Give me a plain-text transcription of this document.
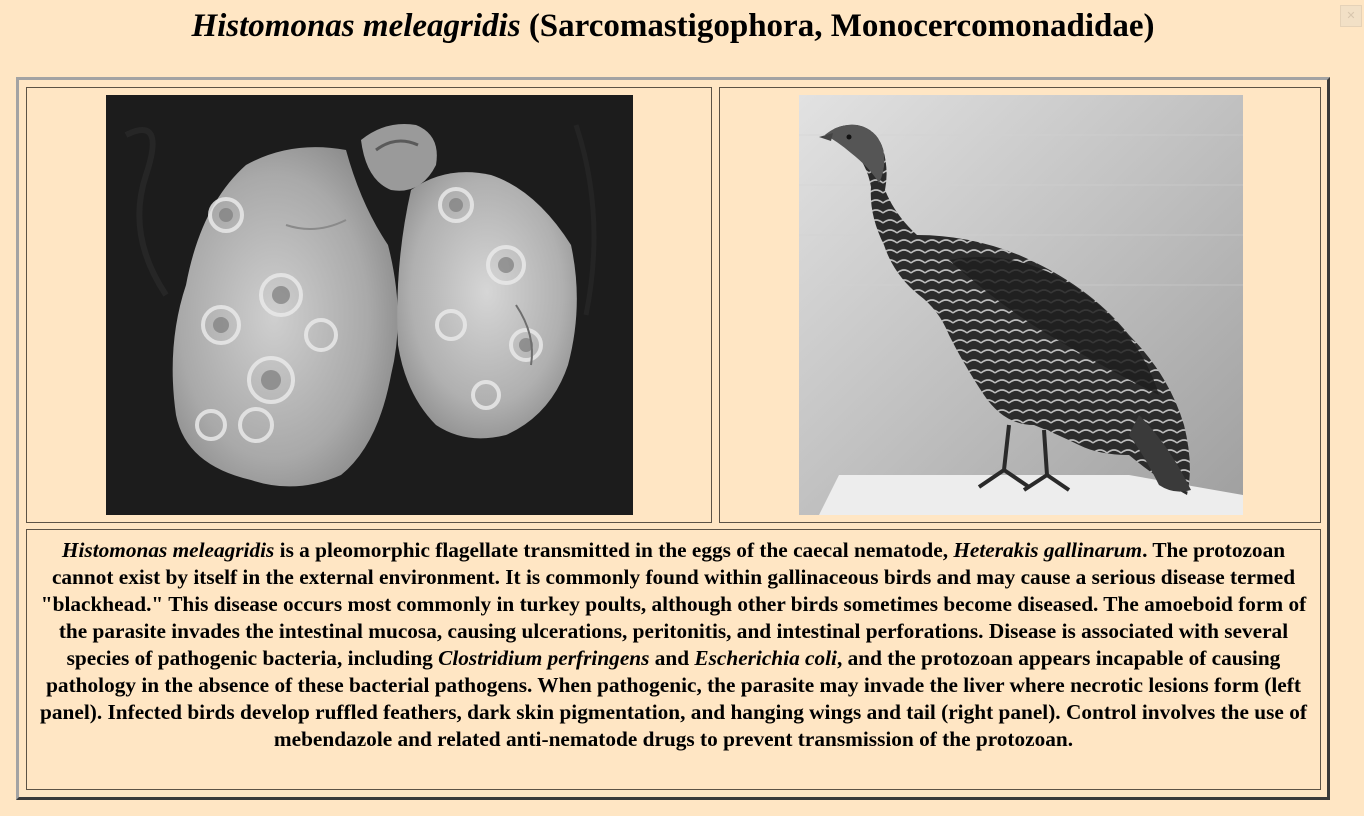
Histomonas meleagridis (Sarcomastigophora, Monocercomonadidae)	✕
Histomonas meleagridis is a pleomorphic flagellate transmitted in the eggs of the caecal nematode, Heterakis gallinarum. The protozoan cannot exist by itself in the external environment. It is commonly found within gallinaceous birds and may cause a serious disease termed "blackhead." This disease occurs most commonly in turkey poults, although other birds sometimes become diseased. The amoeboid form of the parasite invades the intestinal mucosa, causing ulcerations, peritonitis, and intestinal perforations. Disease is associated with several species of pathogenic bacteria, including Clostridium perfringens and Escherichia coli, and the protozoan appears incapable of causing pathology in the absence of these bacterial pathogens. When pathogenic, the parasite may invade the liver where necrotic lesions form (left panel). Infected birds develop ruffled feathers, dark skin pigmentation, and hanging wings and tail (right panel). Control involves the use of mebendazole and related anti-nematode drugs to prevent transmission of the protozoan.
